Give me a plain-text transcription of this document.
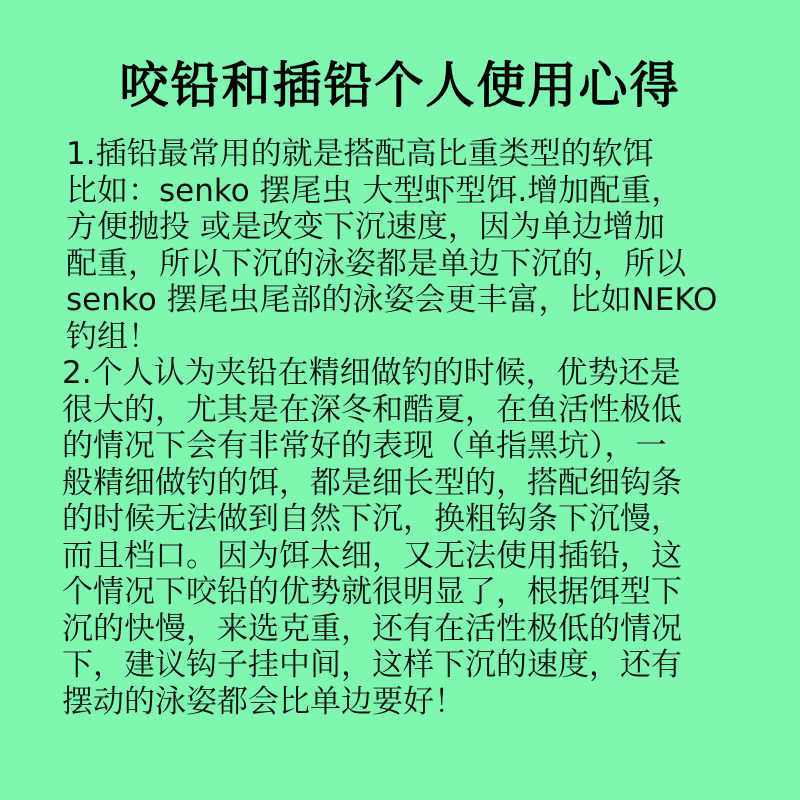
咬铅和插铅个人使用心得
1.插铅最常用的就是搭配高比重类型的软饵
比如：senko 摆尾虫 大型虾型饵.增加配重，
方便抛投 或是改变下沉速度，因为单边增加
配重，所以下沉的泳姿都是单边下沉的，所以
senko 摆尾虫尾部的泳姿会更丰富，比如NEKO
钓组！
2.个人认为夹铅在精细做钓的时候，优势还是
很大的，尤其是在深冬和酷夏，在鱼活性极低
的情况下会有非常好的表现（单指黑坑），一
般精细做钓的饵，都是细长型的，搭配细钩条
的时候无法做到自然下沉，换粗钩条下沉慢，
而且档口。因为饵太细，又无法使用插铅，这
个情况下咬铅的优势就很明显了，根据饵型下
沉的快慢，来选克重，还有在活性极低的情况
下，建议钩子挂中间，这样下沉的速度，还有
摆动的泳姿都会比单边要好！
